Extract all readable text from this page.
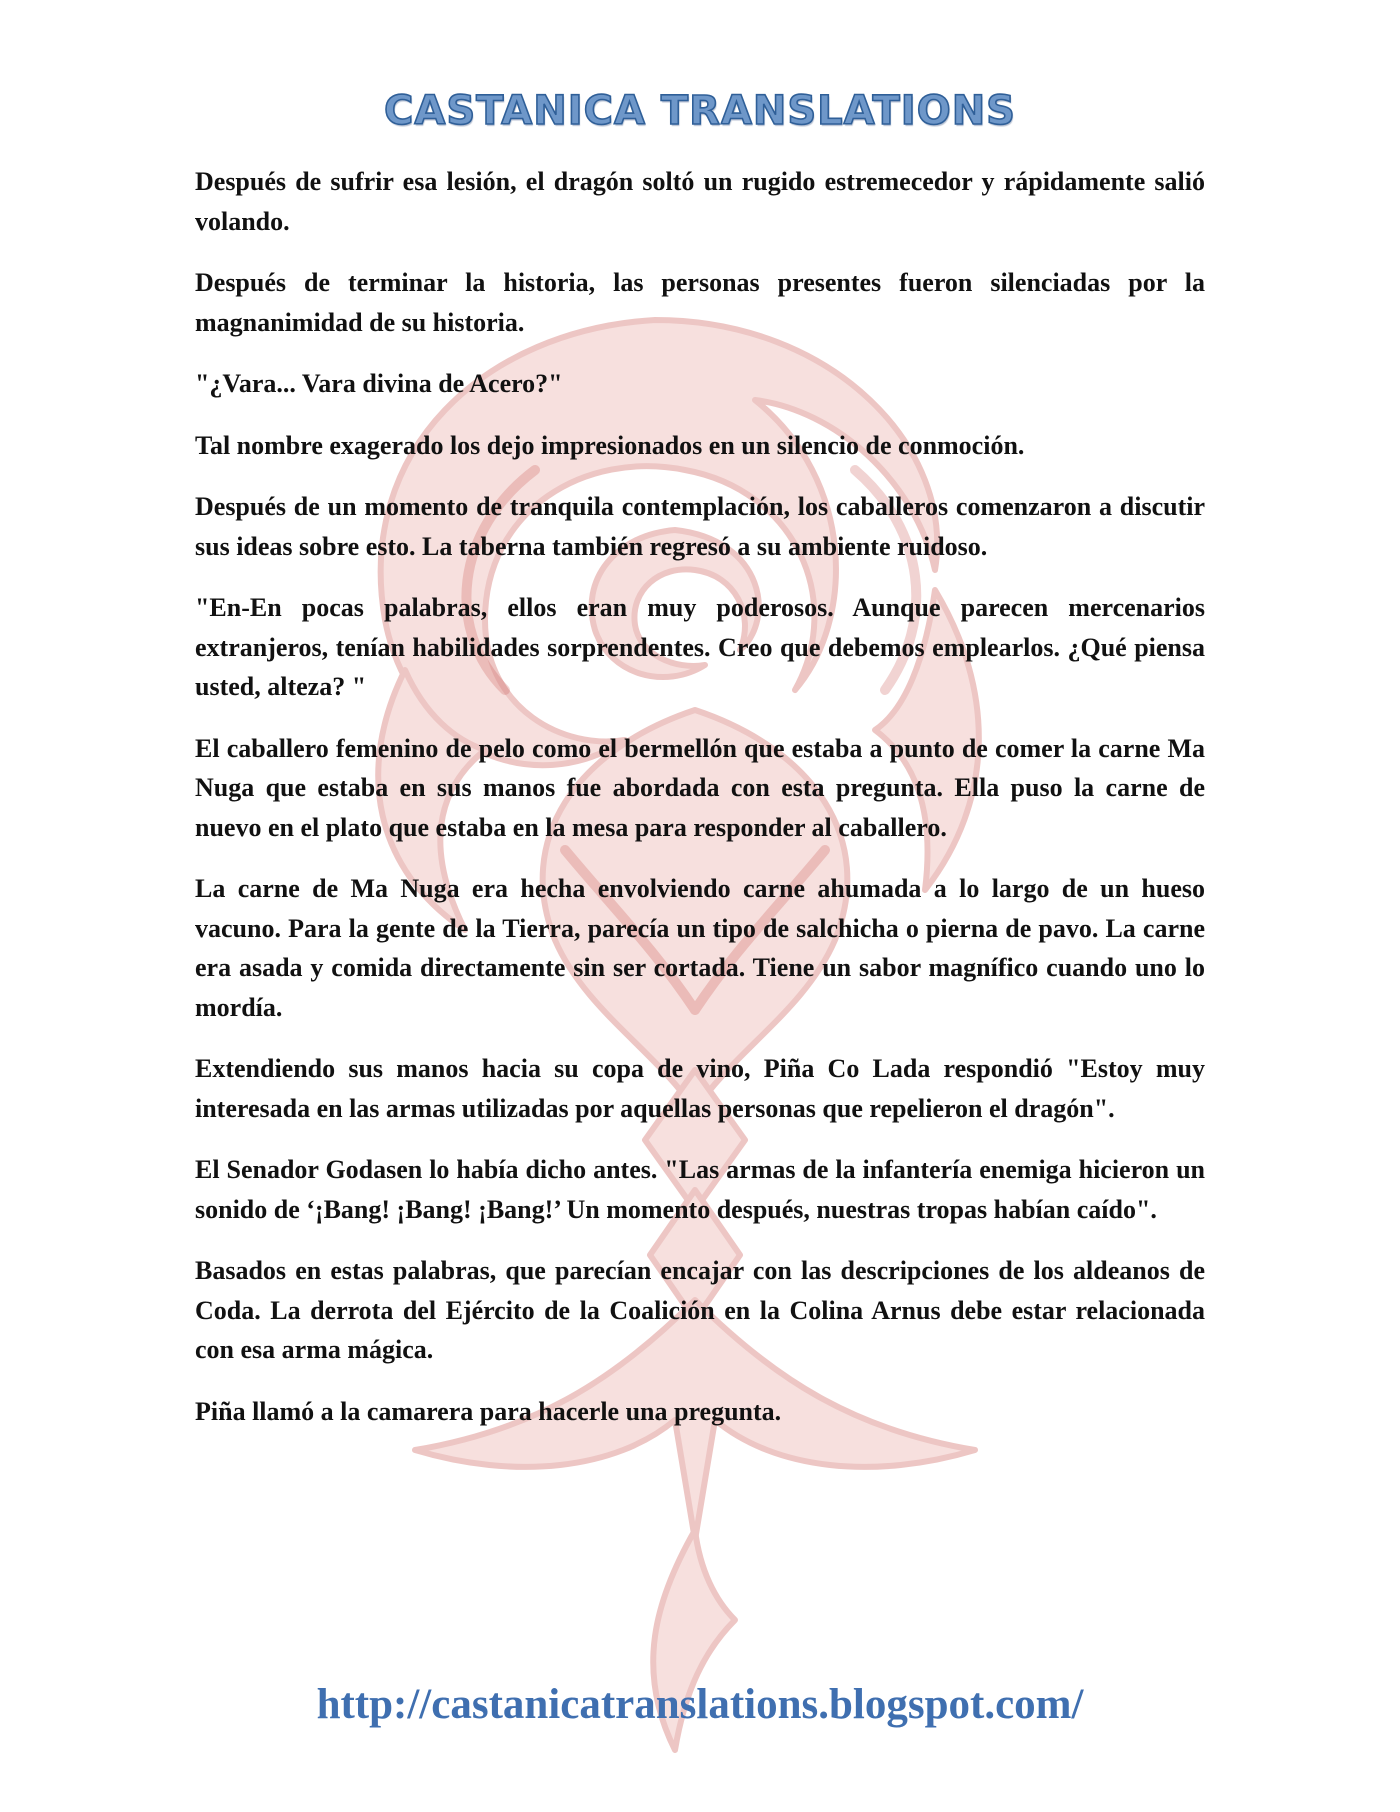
CASTANICA TRANSLATIONS

Después de sufrir esa lesión, el dragón soltó un rugido estremecedor y rápidamente salió volando.

Después de terminar la historia, las personas presentes fueron silenciadas por la magnanimidad de su historia.

"¿Vara... Vara divina de Acero?"

Tal nombre exagerado los dejo impresionados en un silencio de conmoción.

Después de un momento de tranquila contemplación, los caballeros comenzaron a discutir sus ideas sobre esto. La taberna también regresó a su ambiente ruidoso.

"En-En pocas palabras, ellos eran muy poderosos. Aunque parecen mercenarios extranjeros, tenían habilidades sorprendentes. Creo que debemos emplearlos. ¿Qué piensa usted, alteza? "

El caballero femenino de pelo como el bermellón que estaba a punto de comer la carne Ma Nuga que estaba en sus manos fue abordada con esta pregunta. Ella puso la carne de nuevo en el plato que estaba en la mesa para responder al caballero.

La carne de Ma Nuga era hecha envolviendo carne ahumada a lo largo de un hueso vacuno. Para la gente de la Tierra, parecía un tipo de salchicha o pierna de pavo. La carne era asada y comida directamente sin ser cortada. Tiene un sabor magnífico cuando uno lo mordía.

Extendiendo sus manos hacia su copa de vino, Piña Co Lada respondió "Estoy muy interesada en las armas utilizadas por aquellas personas que repelieron el dragón".

El Senador Godasen lo había dicho antes. "Las armas de la infantería enemiga hicieron un sonido de ‘¡Bang! ¡Bang! ¡Bang!’ Un momento después, nuestras tropas habían caído".

Basados en estas palabras, que parecían encajar con las descripciones de los aldeanos de Coda. La derrota del Ejército de la Coalición en la Colina Arnus debe estar relacionada con esa arma mágica.

Piña llamó a la camarera para hacerle una pregunta.

http://castanicatranslations.blogspot.com/
